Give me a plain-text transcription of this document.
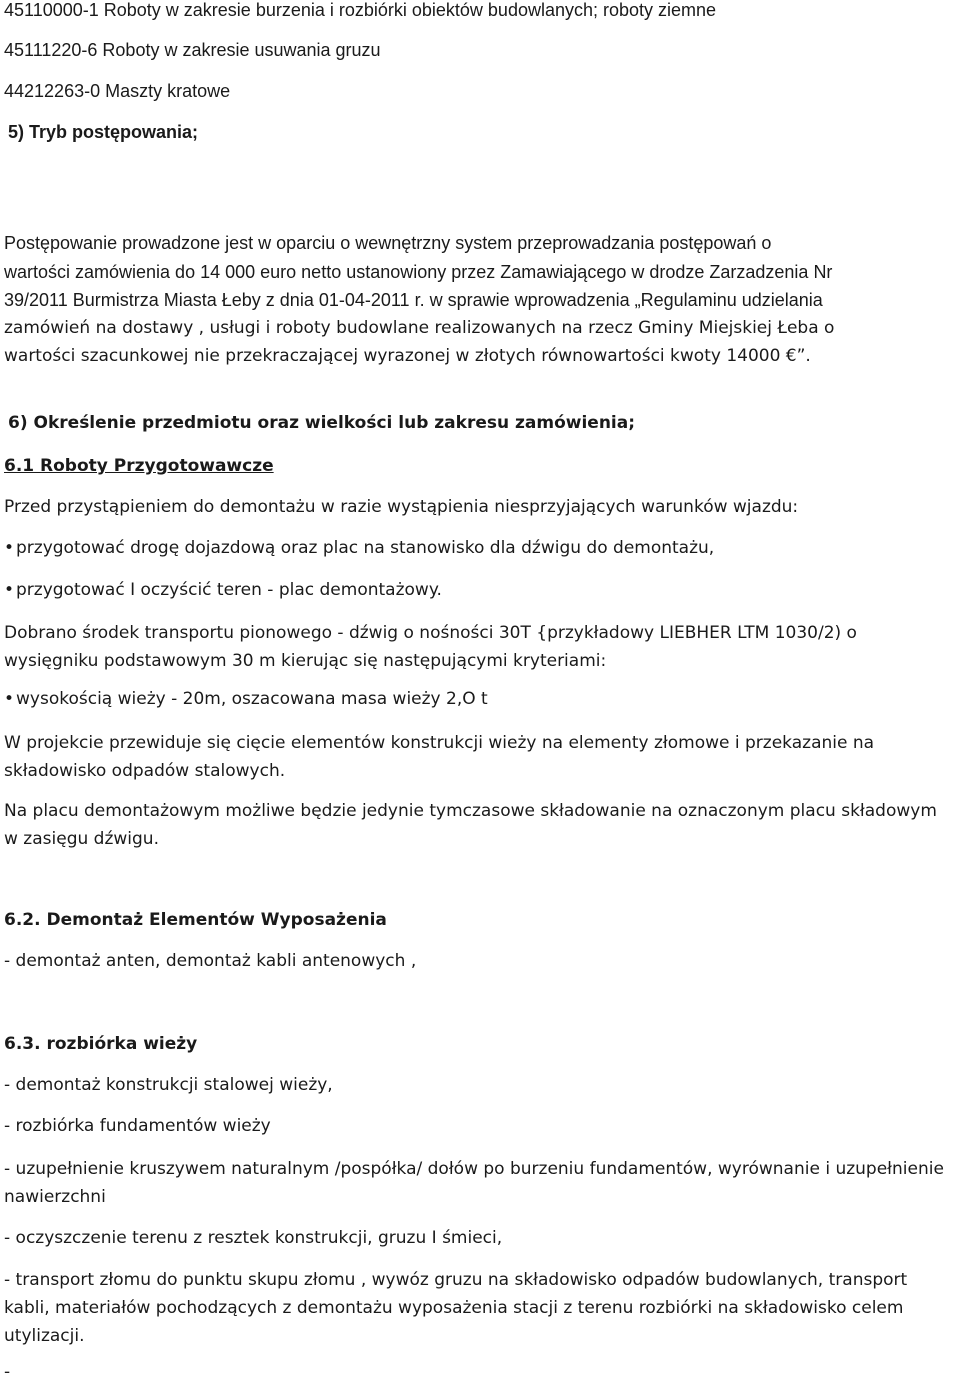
45110000-1 Roboty w zakresie burzenia i rozbiórki obiektów budowlanych; roboty ziemne
45111220-6 Roboty w zakresie usuwania gruzu
44212263-0 Maszty kratowe
5) Tryb postępowania;
Postępowanie prowadzone jest w oparciu o wewnętrzny system przeprowadzania postępowań o
wartości zamówienia do 14 000 euro netto ustanowiony przez Zamawiającego w drodze Zarzadzenia Nr
39/2011 Burmistrza Miasta Łeby z dnia 01-04-2011 r. w sprawie wprowadzenia „Regulaminu udzielania
zamówień na dostawy , usługi i roboty budowlane realizowanych na rzecz Gminy Miejskiej Łeba o
wartości szacunkowej nie przekraczającej wyrazonej w złotych równowartości kwoty 14000 €”.
6) Określenie przedmiotu oraz wielkości lub zakresu zamówienia;
6.1 Roboty Przygotowawcze
Przed przystąpieniem do demontażu w razie wystąpienia niesprzyjających warunków wjazdu:
• przygotować drogę dojazdową oraz plac na stanowisko dla dźwigu do demontażu,
• przygotować I oczyścić teren - plac demontażowy.
Dobrano środek transportu pionowego - dźwig o nośności 30T {przykładowy LIEBHER LTM 1030/2) o wysięgniku podstawowym 30 m kierując się następującymi kryteriami:
• wysokością wieży - 20m, oszacowana masa wieży 2,O t
W projekcie przewiduje się cięcie elementów konstrukcji wieży na elementy złomowe i przekazanie na składowisko odpadów stalowych.
Na placu demontażowym możliwe będzie jedynie tymczasowe składowanie na oznaczonym placu składowym w zasięgu dźwigu.
6.2. Demontaż Elementów Wyposażenia
- demontaż anten, demontaż kabli antenowych ,
6.3. rozbiórka wieży
- demontaż konstrukcji stalowej wieży,
- rozbiórka fundamentów wieży
- uzupełnienie kruszywem naturalnym /pospółka/ dołów po burzeniu fundamentów, wyrównanie i uzupełnienie nawierzchni
- oczyszczenie terenu z resztek konstrukcji, gruzu I śmieci,
- transport złomu do punktu skupu złomu , wywóz gruzu na składowisko odpadów budowlanych, transport kabli, materiałów pochodzących z demontażu wyposażenia stacji z terenu rozbiórki na składowisko celem utylizacji.
-
